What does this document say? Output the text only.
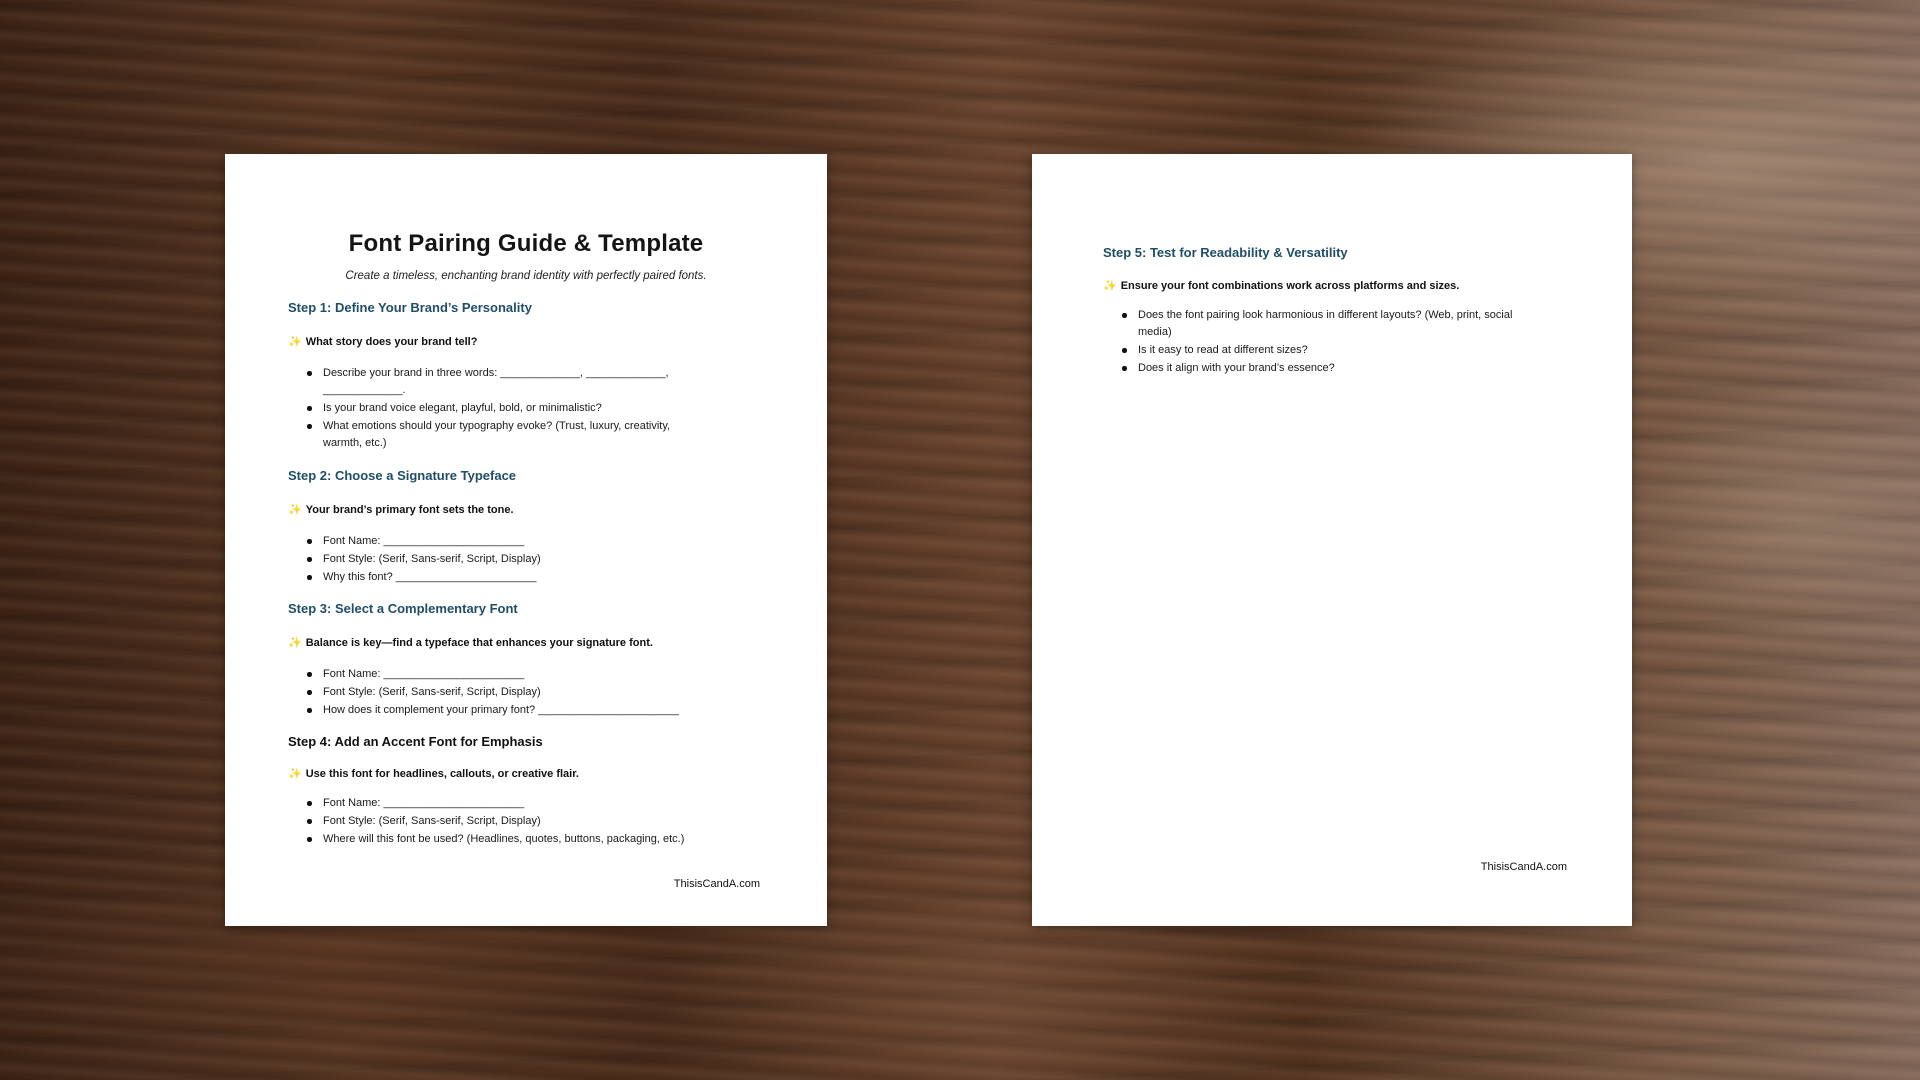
Font Pairing Guide & Template
Create a timeless, enchanting brand identity with perfectly paired fonts.
Step 1: Define Your Brand’s Personality
✨ What story does your brand tell?
Describe your brand in three words: _____________, _____________, _____________.
Is your brand voice elegant, playful, bold, or minimalistic?
What emotions should your typography evoke? (Trust, luxury, creativity, warmth, etc.)
Step 2: Choose a Signature Typeface
✨ Your brand’s primary font sets the tone.
Font Name: _______________________
Font Style: (Serif, Sans-serif, Script, Display)
Why this font? _______________________
Step 3: Select a Complementary Font
✨ Balance is key—find a typeface that enhances your signature font.
Font Name: _______________________
Font Style: (Serif, Sans-serif, Script, Display)
How does it complement your primary font? _______________________
Step 4: Add an Accent Font for Emphasis
✨ Use this font for headlines, callouts, or creative flair.
Font Name: _______________________
Font Style: (Serif, Sans-serif, Script, Display)
Where will this font be used? (Headlines, quotes, buttons, packaging, etc.)
ThisisCandA.com
Step 5: Test for Readability & Versatility
✨ Ensure your font combinations work across platforms and sizes.
Does the font pairing look harmonious in different layouts? (Web, print, social media)
Is it easy to read at different sizes?
Does it align with your brand’s essence?
ThisisCandA.com
